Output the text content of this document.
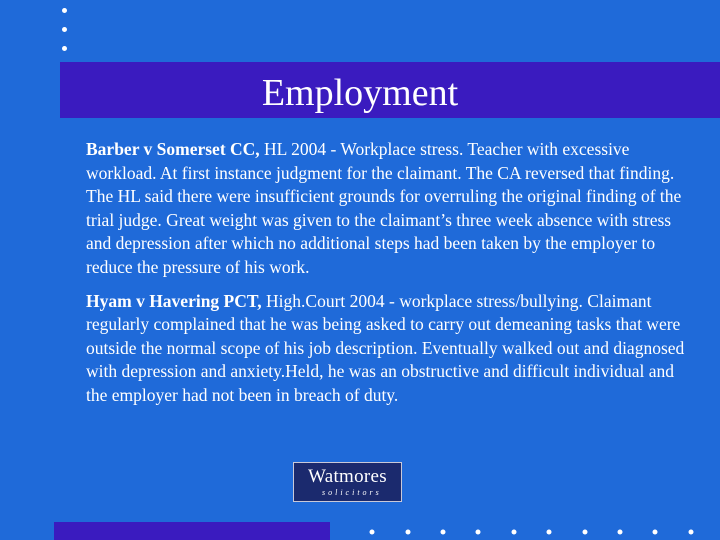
Employment

Barber v Somerset CC, HL 2004 - Workplace stress. Teacher with excessive workload. At first instance judgment for the claimant. The CA reversed that finding. The HL said there were insufficient grounds for overruling the original finding of the trial judge. Great weight was given to the claimant’s three week absence with stress and depression after which no additional steps had been taken by the employer to reduce the pressure of his work.

Hyam v Havering PCT, High.Court 2004 - workplace stress/bullying. Claimant regularly complained that he was being asked to carry out demeaning tasks that were outside the normal scope of his job description. Eventually walked out and diagnosed with depression and anxiety.Held, he was an obstructive and difficult individual and the employer had not been in breach of duty.

Watmores
solicitors
